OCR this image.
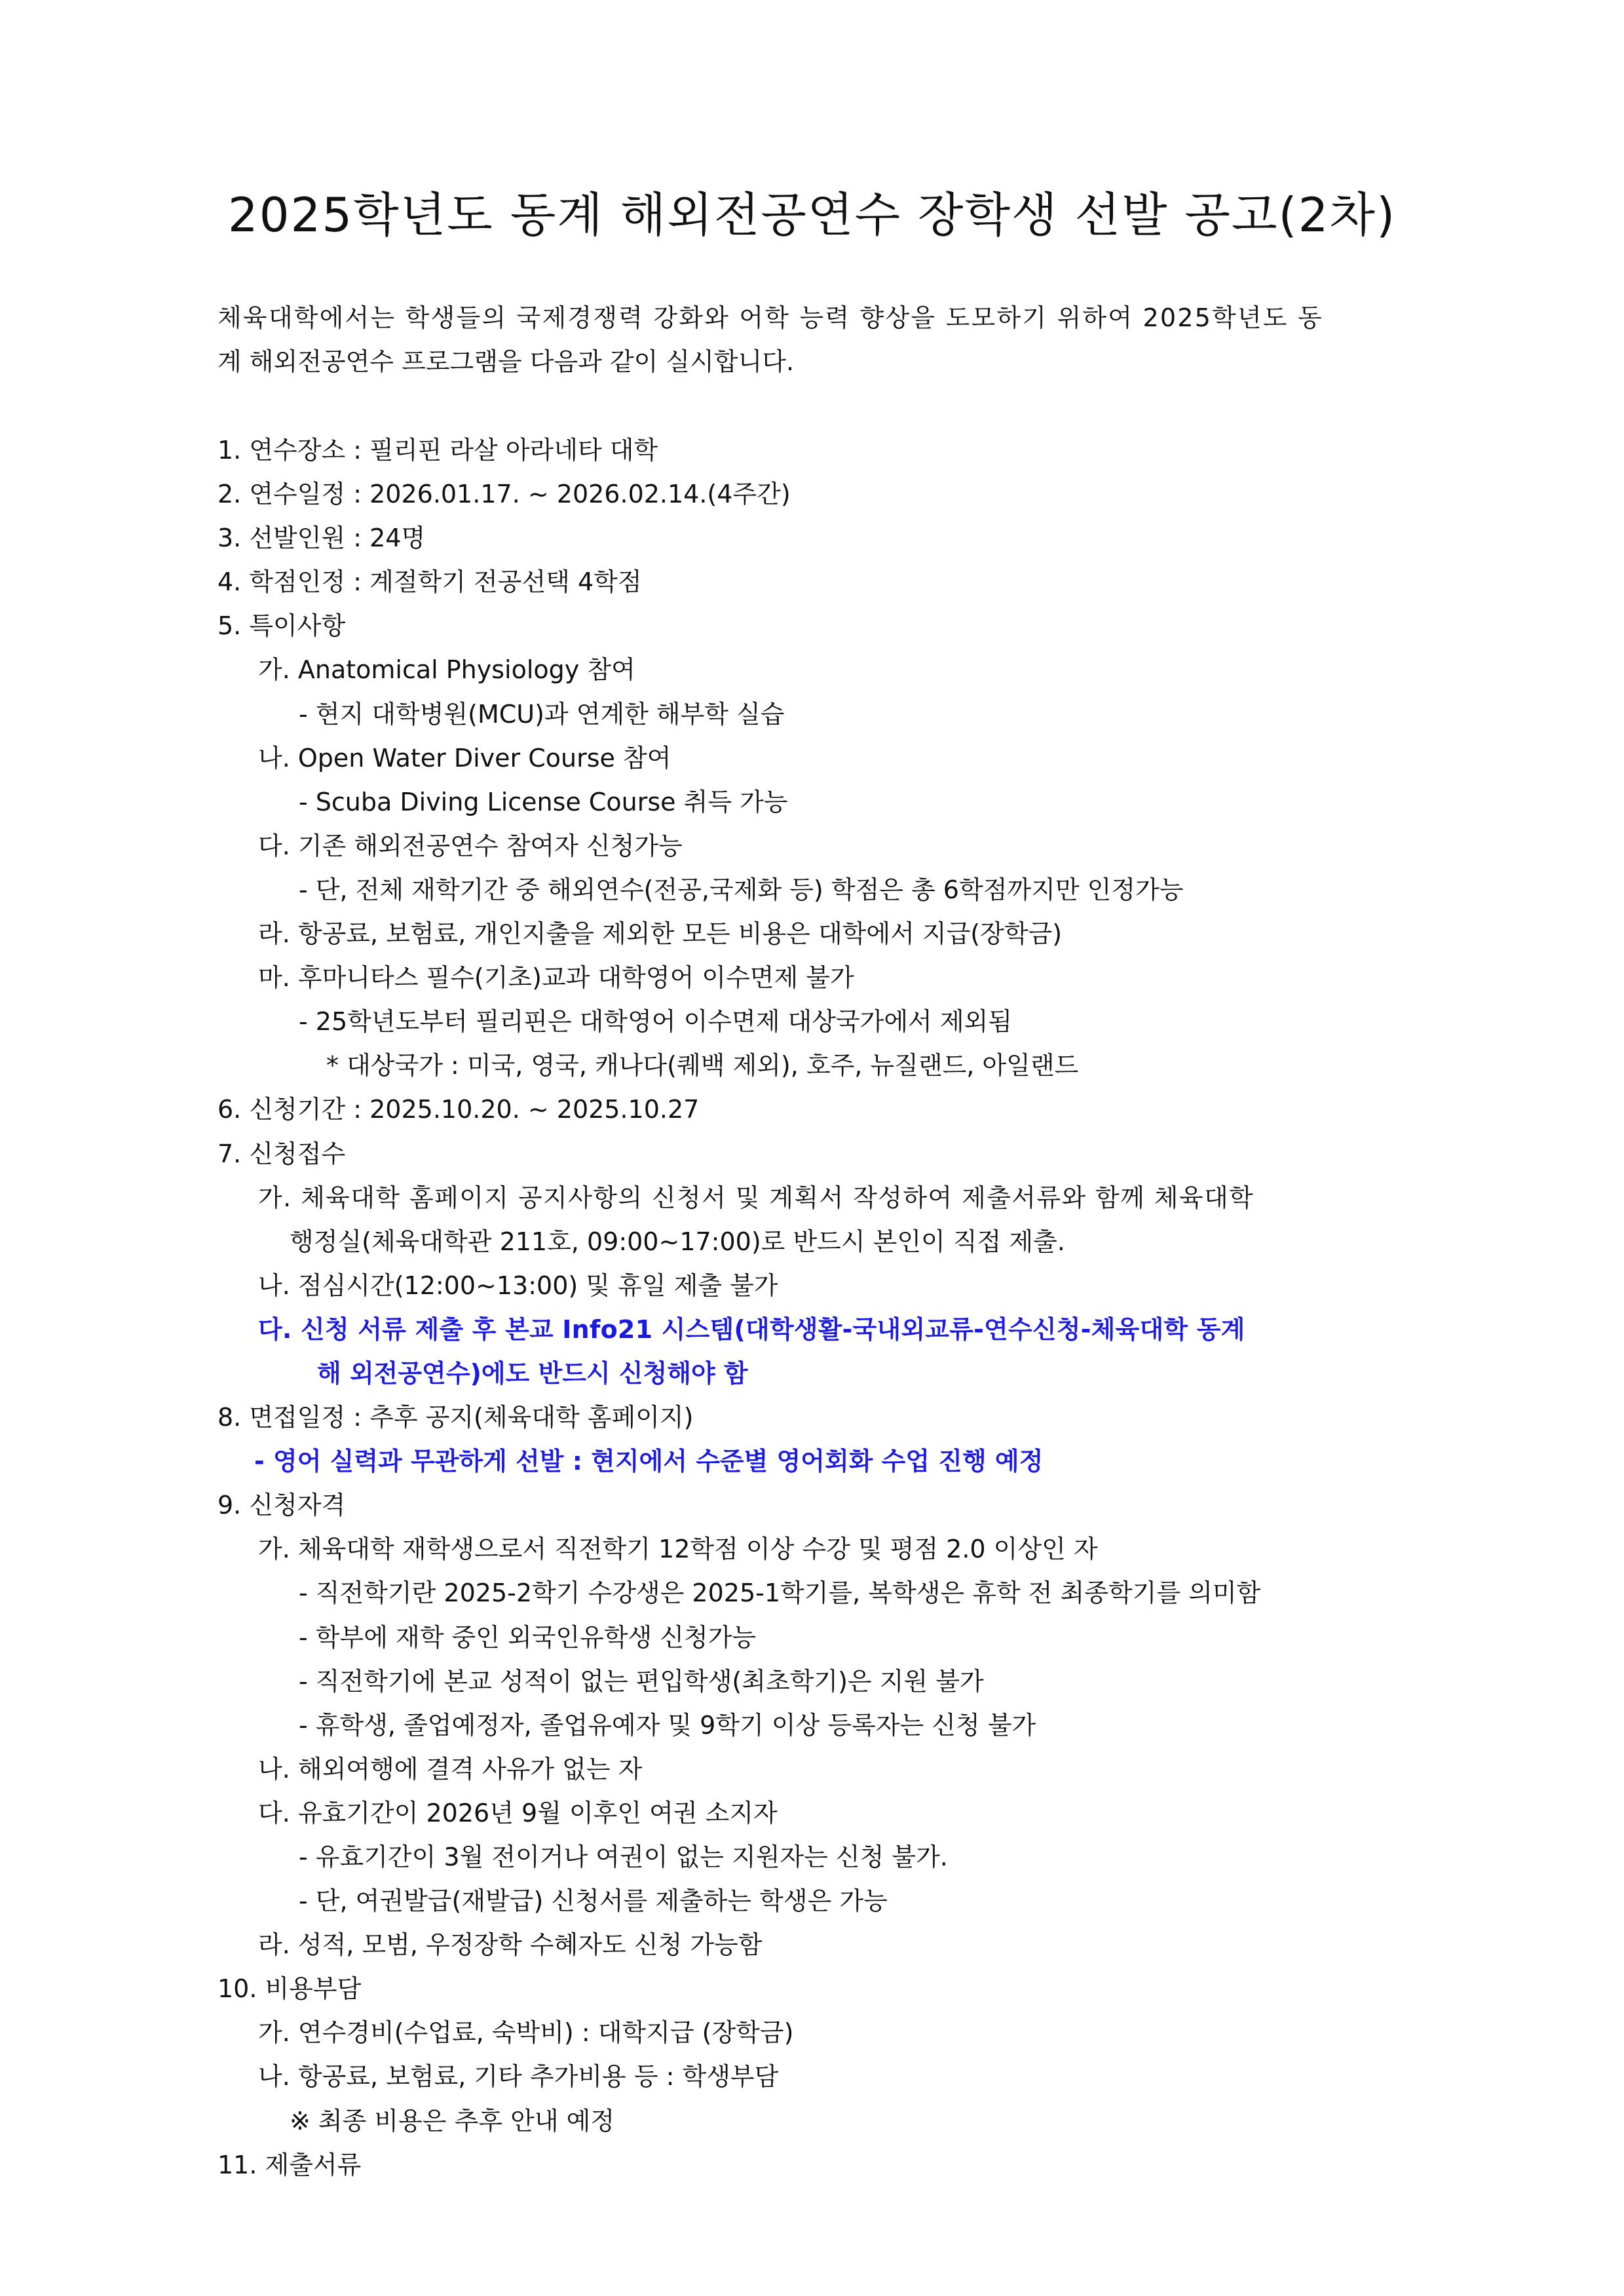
2025학년도 동계 해외전공연수 장학생 선발 공고(2차)

체육대학에서는 학생들의 국제경쟁력 강화와 어학 능력 향상을 도모하기 위하여 2025학년도 동

계 해외전공연수 프로그램을 다음과 같이 실시합니다.

1. 연수장소 : 필리핀 라살 아라네타 대학
2. 연수일정 : 2026.01.17. ~ 2026.02.14.(4주간)
3. 선발인원 : 24명
4. 학점인정 : 계절학기 전공선택 4학점
5. 특이사항
가. Anatomical Physiology 참여
- 현지 대학병원(MCU)과 연계한 해부학 실습
나. Open Water Diver Course 참여
- Scuba Diving License Course 취득 가능
다. 기존 해외전공연수 참여자 신청가능
- 단, 전체 재학기간 중 해외연수(전공,국제화 등) 학점은 총 6학점까지만 인정가능
라. 항공료, 보험료, 개인지출을 제외한 모든 비용은 대학에서 지급(장학금)
마. 후마니타스 필수(기초)교과 대학영어 이수면제 불가
- 25학년도부터 필리핀은 대학영어 이수면제 대상국가에서 제외됨
* 대상국가 : 미국, 영국, 캐나다(퀘백 제외), 호주, 뉴질랜드, 아일랜드
6. 신청기간 : 2025.10.20. ~ 2025.10.27
7. 신청접수
가. 체육대학 홈페이지 공지사항의 신청서 및 계획서 작성하여 제출서류와 함께 체육대학
행정실(체육대학관 211호, 09:00~17:00)로 반드시 본인이 직접 제출.
나. 점심시간(12:00~13:00) 및 휴일 제출 불가
다. 신청 서류 제출 후 본교 Info21 시스템(대학생활-국내외교류-연수신청-체육대학 동계
해 외전공연수)에도 반드시 신청해야 함
8. 면접일정 : 추후 공지(체육대학 홈페이지)
- 영어 실력과 무관하게 선발 : 현지에서 수준별 영어회화 수업 진행 예정
9. 신청자격
가. 체육대학 재학생으로서 직전학기 12학점 이상 수강 및 평점 2.0 이상인 자
- 직전학기란 2025-2학기 수강생은 2025-1학기를, 복학생은 휴학 전 최종학기를 의미함
- 학부에 재학 중인 외국인유학생 신청가능
- 직전학기에 본교 성적이 없는 편입학생(최초학기)은 지원 불가
- 휴학생, 졸업예정자, 졸업유예자 및 9학기 이상 등록자는 신청 불가
나. 해외여행에 결격 사유가 없는 자
다. 유효기간이 2026년 9월 이후인 여권 소지자
- 유효기간이 3월 전이거나 여권이 없는 지원자는 신청 불가.
- 단, 여권발급(재발급) 신청서를 제출하는 학생은 가능
라. 성적, 모범, 우정장학 수혜자도 신청 가능함
10. 비용부담
가. 연수경비(수업료, 숙박비) : 대학지급 (장학금)
나. 항공료, 보험료, 기타 추가비용 등 : 학생부담
※ 최종 비용은 추후 안내 예정
11. 제출서류
